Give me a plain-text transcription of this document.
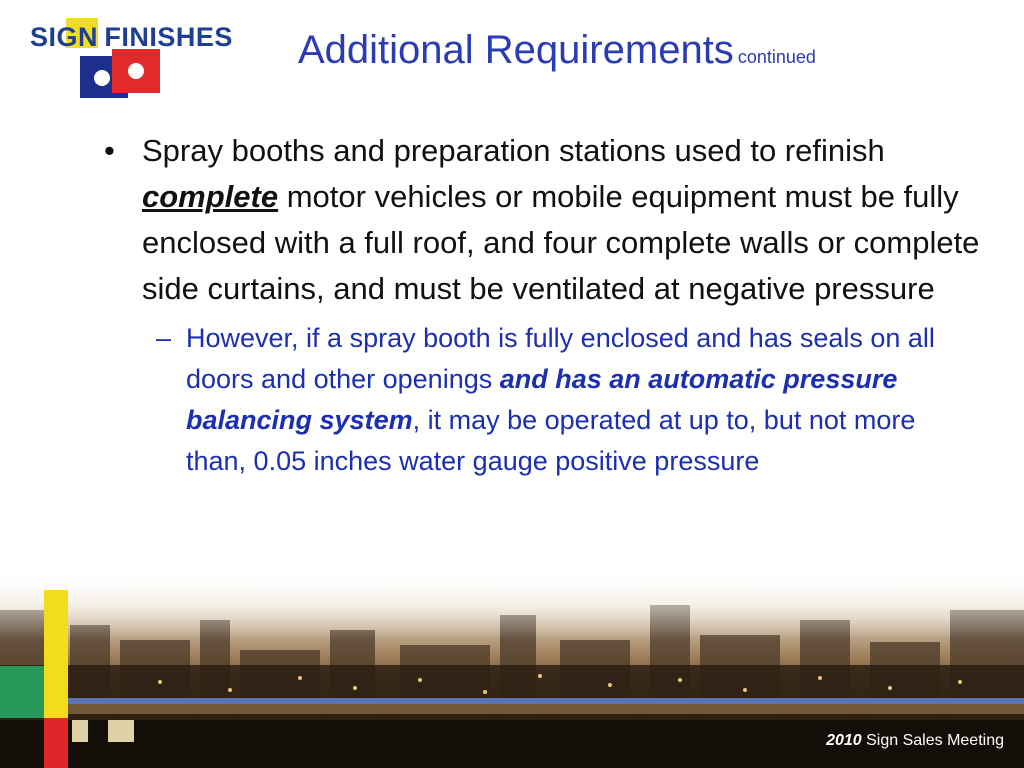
SIGN FINISHES Additional Requirements continued
• Spray booths and preparation stations used to refinish complete motor vehicles or mobile equipment must be fully enclosed with a full roof, and four complete walls or complete side curtains, and must be ventilated at negative pressure
– However, if a spray booth is fully enclosed and has seals on all doors and other openings and has an automatic pressure balancing system, it may be operated at up to, but not more than, 0.05 inches water gauge positive pressure
2010 Sign Sales Meeting
